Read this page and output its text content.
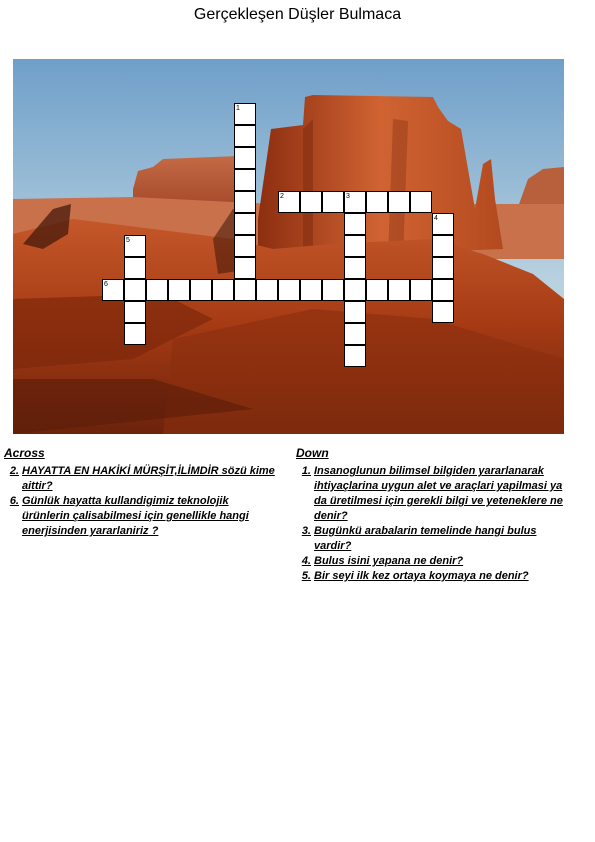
Gerçekleşen Düşler Bulmaca
1
2	3
4
5
6
Across
2. HAYATTA EN HAKİKİ MÜRŞİT,İLİMDİR sözü kime aittir?
6. Günlük hayatta kullandigimiz teknolojik ürünlerin çalisabilmesi için genellikle hangi enerjisinden yararlaniriz ?
Down
1. Insanoglunun bilimsel bilgiden yararlanarak ihtiyaçlarina uygun alet ve araçlari yapilmasi ya
da üretilmesi için gerekli bilgi ve yeteneklere ne
denir?
3. Bugünkü arabalarin temelinde hangi bulus vardir?
4. Bulus isini yapana ne denir?
5. Bir seyi ilk kez ortaya koymaya ne denir?
